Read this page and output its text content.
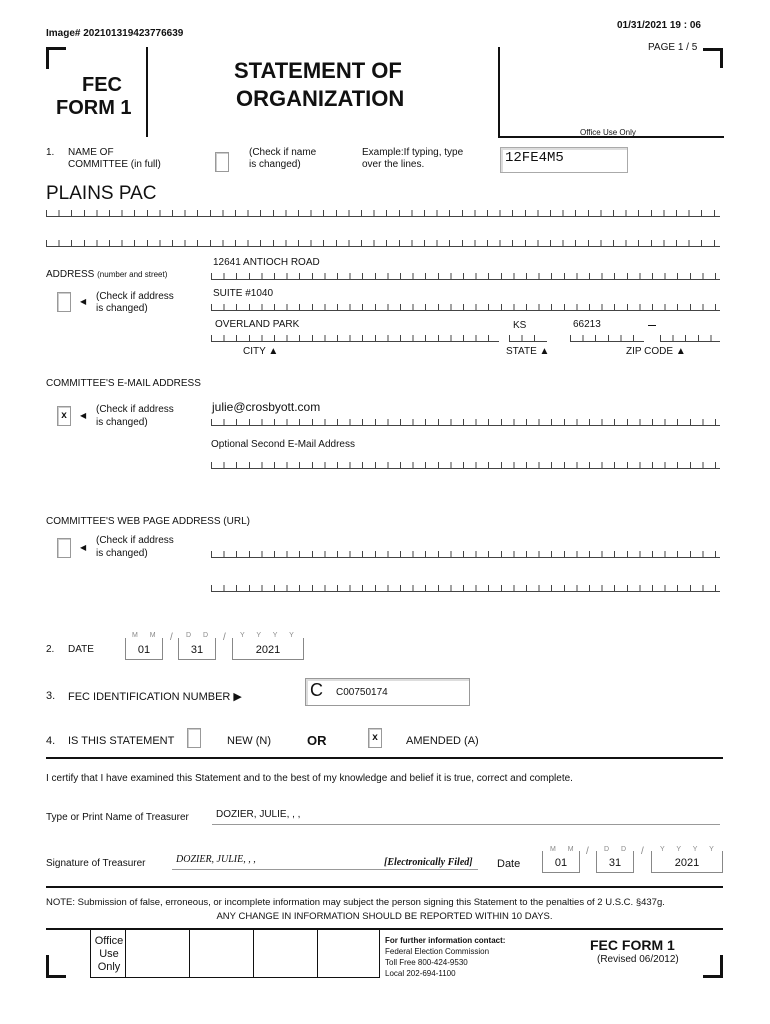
Image# 202101319423776639
01/31/2021 19 : 06
PAGE 1 / 5
FEC
FORM 1
STATEMENT OF
ORGANIZATION
Office Use Only
1. NAME OF
COMMITTEE (in full)
(Check if name
is changed)
Example:If typing, type
over the lines.	12FE4M5
PLAINS PAC
ADDRESS (number and street)
◀ (Check if address
is changed)
12641 ANTIOCH ROAD
SUITE #1040
OVERLAND PARK	KS	66213
CITY ▲	STATE ▲	ZIP CODE ▲
COMMITTEE'S E-MAIL ADDRESS
x	◀
(Check if address
is changed)
julie@crosbyott.com
Optional Second E-Mail Address
COMMITTEE'S WEB PAGE ADDRESS (URL)
◀
(Check if address
is changed)
2. DATE
M M
01
/ D D
31
/ Y Y Y Y
2021
3. FEC IDENTIFICATION NUMBER ▶	C C00750174
4. IS THIS STATEMENT	NEW (N)	OR	x	AMENDED (A)
I certify that I have examined this Statement and to the best of my knowledge and belief it is true, correct and complete.
Type or Print Name of Treasurer	DOZIER, JULIE, , ,
Signature of Treasurer	DOZIER, JULIE, , ,	[Electronically Filed] Date
M M
01
/ D D
31
/ Y Y Y Y
2021
NOTE: Submission of false, erroneous, or incomplete information may subject the person signing this Statement to the penalties of 2 U.S.C. §437g.
ANY CHANGE IN INFORMATION SHOULD BE REPORTED WITHIN 10 DAYS.
Office
Use
Only
For further information contact:
Federal Election Commission
Toll Free 800-424-9530
Local 202-694-1100
FEC FORM 1
(Revised 06/2012)
